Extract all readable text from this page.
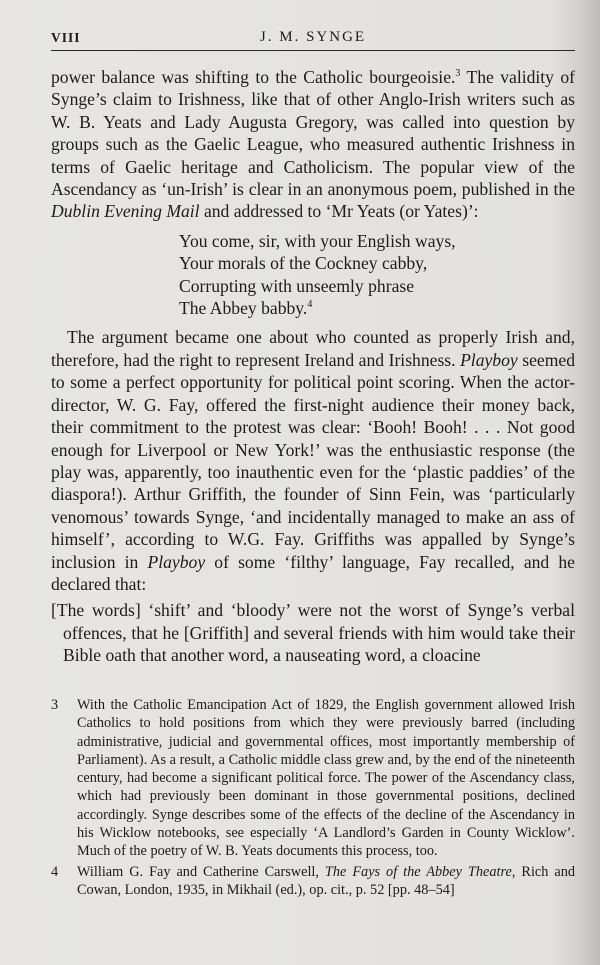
VIII	J. M. SYNGE

power balance was shifting to the Catholic bourgeoisie.$^3$ The validity of Synge’s claim to Irishness, like that of other Anglo-Irish writers such as W. B. Yeats and Lady Augusta Gregory, was called into question by groups such as the Gaelic League, who measured authentic Irishness in terms of Gaelic heritage and Catholicism. The popular view of the Ascendancy as ‘un-Irish’ is clear in an anonymous poem, published in the Dublin Evening Mail and addressed to ‘Mr Yeats (or Yates)’:

You come, sir, with your English ways,
Your morals of the Cockney cabby,
Corrupting with unseemly phrase
The Abbey babby.$^4$

The argument became one about who counted as properly Irish and, therefore, had the right to represent Ireland and Irishness. Playboy seemed to some a perfect opportunity for political point scoring. When the actor-director, W. G. Fay, offered the first-night audience their money back, their commitment to the protest was clear: ‘Booh! Booh! . . . Not good enough for Liverpool or New York!’ was the enthusiastic response (the play was, apparently, too inauthentic even for the ‘plastic paddies’ of the diaspora!). Arthur Griffith, the founder of Sinn Fein, was ‘particularly venomous’ towards Synge, ‘and incidentally managed to make an ass of himself’, according to W.G. Fay. Griffiths was appalled by Synge’s inclusion in Playboy of some ‘filthy’ language, Fay recalled, and he declared that:

[The words] ‘shift’ and ‘bloody’ were not the worst of Synge’s verbal offences, that he [Griffith] and several friends with him would take their Bible oath that another word, a nauseating word, a cloacine

3 With the Catholic Emancipation Act of 1829, the English government allowed Irish Catholics to hold positions from which they were previously barred (including administrative, judicial and governmental offices, most importantly membership of Parliament). As a result, a Catholic middle class grew and, by the end of the nineteenth century, had become a significant political force. The power of the Ascendancy class, which had previously been dominant in those governmental positions, declined accordingly. Synge describes some of the effects of the decline of the Ascendancy in his Wicklow notebooks, see especially ‘A Landlord’s Garden in County Wicklow’. Much of the poetry of W. B. Yeats documents this process, too.

4 William G. Fay and Catherine Carswell, The Fays of the Abbey Theatre, Rich and Cowan, London, 1935, in Mikhail (ed.), op. cit., p. 52 [pp. 48–54]
